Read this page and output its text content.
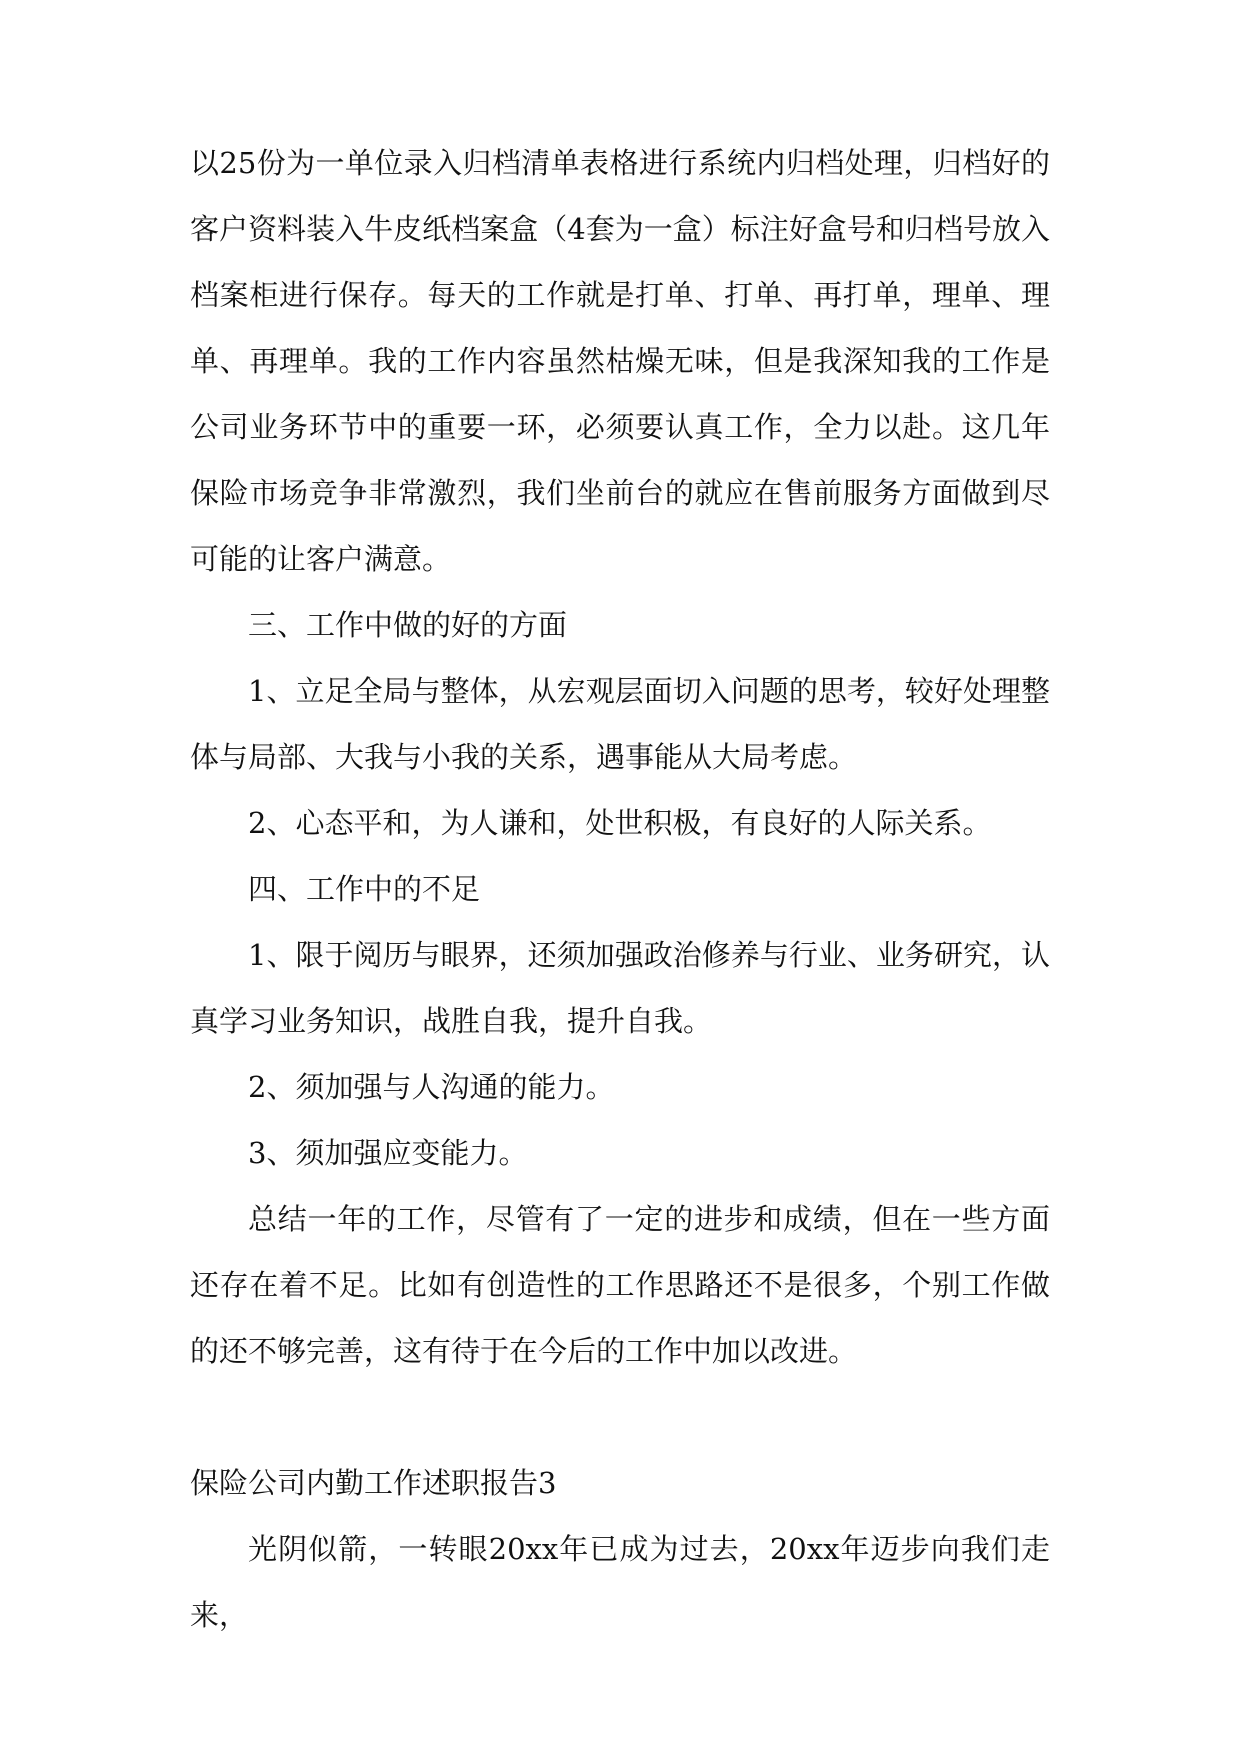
以25份为一单位录入归档清单表格进行系统内归档处理，归档好的客户资料装入牛皮纸档案盒（4套为一盒）标注好盒号和归档号放入档案柜进行保存。每天的工作就是打单、打单、再打单，理单、理单、再理单。我的工作内容虽然枯燥无味，但是我深知我的工作是公司业务环节中的重要一环，必须要认真工作，全力以赴。这几年保险市场竞争非常激烈，我们坐前台的就应在售前服务方面做到尽可能的让客户满意。

三、工作中做的好的方面

1、立足全局与整体，从宏观层面切入问题的思考，较好处理整体与局部、大我与小我的关系，遇事能从大局考虑。

2、心态平和，为人谦和，处世积极，有良好的人际关系。

四、工作中的不足

1、限于阅历与眼界，还须加强政治修养与行业、业务研究，认真学习业务知识，战胜自我，提升自我。

2、须加强与人沟通的能力。

3、须加强应变能力。

总结一年的工作，尽管有了一定的进步和成绩，但在一些方面还存在着不足。比如有创造性的工作思路还不是很多，个别工作做的还不够完善，这有待于在今后的工作中加以改进。

保险公司内勤工作述职报告3

光阴似箭，一转眼20xx年已成为过去，20xx年迈步向我们走来，
